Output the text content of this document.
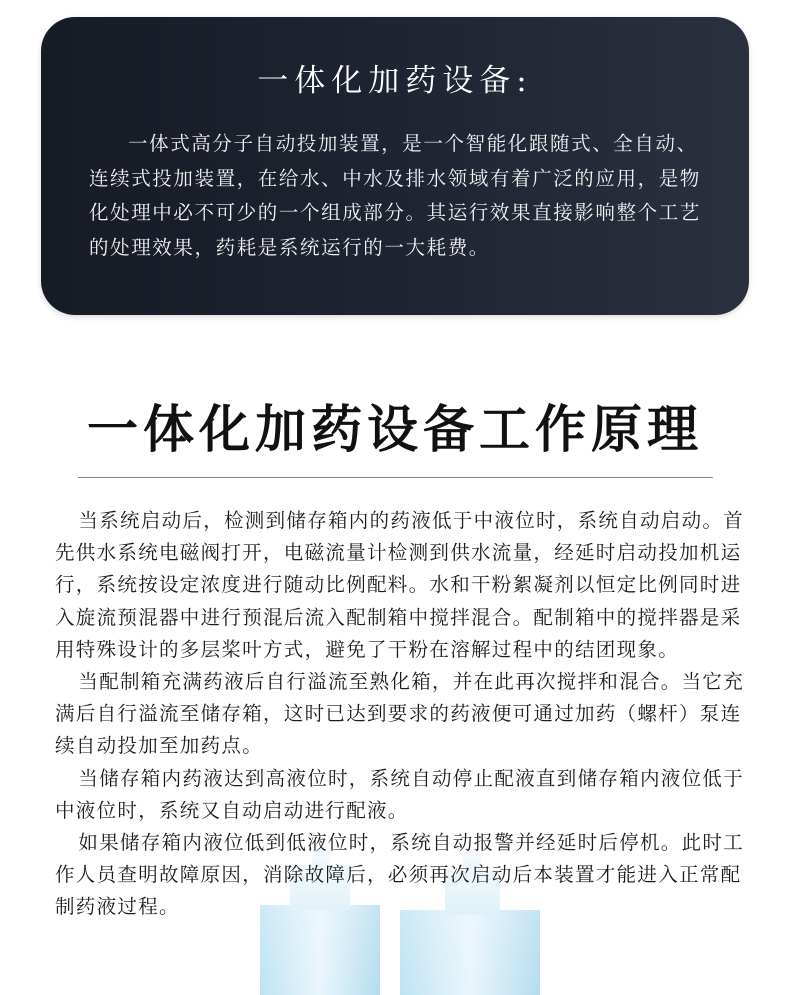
一体化加药设备:

一体式高分子自动投加装置，是一个智能化跟随式、全自动、连续式投加装置，在给水、中水及排水领域有着广泛的应用，是物化处理中必不可少的一个组成部分。其运行效果直接影响整个工艺的处理效果，药耗是系统运行的一大耗费。

一体化加药设备工作原理

当系统启动后，检测到储存箱内的药液低于中液位时，系统自动启动。首先供水系统电磁阀打开，电磁流量计检测到供水流量，经延时启动投加机运行，系统按设定浓度进行随动比例配料。水和干粉絮凝剂以恒定比例同时进入旋流预混器中进行预混后流入配制箱中搅拌混合。配制箱中的搅拌器是采用特殊设计的多层桨叶方式，避免了干粉在溶解过程中的结团现象。

当配制箱充满药液后自行溢流至熟化箱，并在此再次搅拌和混合。当它充满后自行溢流至储存箱，这时已达到要求的药液便可通过加药（螺杆）泵连续自动投加至加药点。

当储存箱内药液达到高液位时，系统自动停止配液直到储存箱内液位低于中液位时，系统又自动启动进行配液。

如果储存箱内液位低到低液位时，系统自动报警并经延时后停机。此时工作人员查明故障原因，消除故障后，必须再次启动后本装置才能进入正常配制药液过程。
